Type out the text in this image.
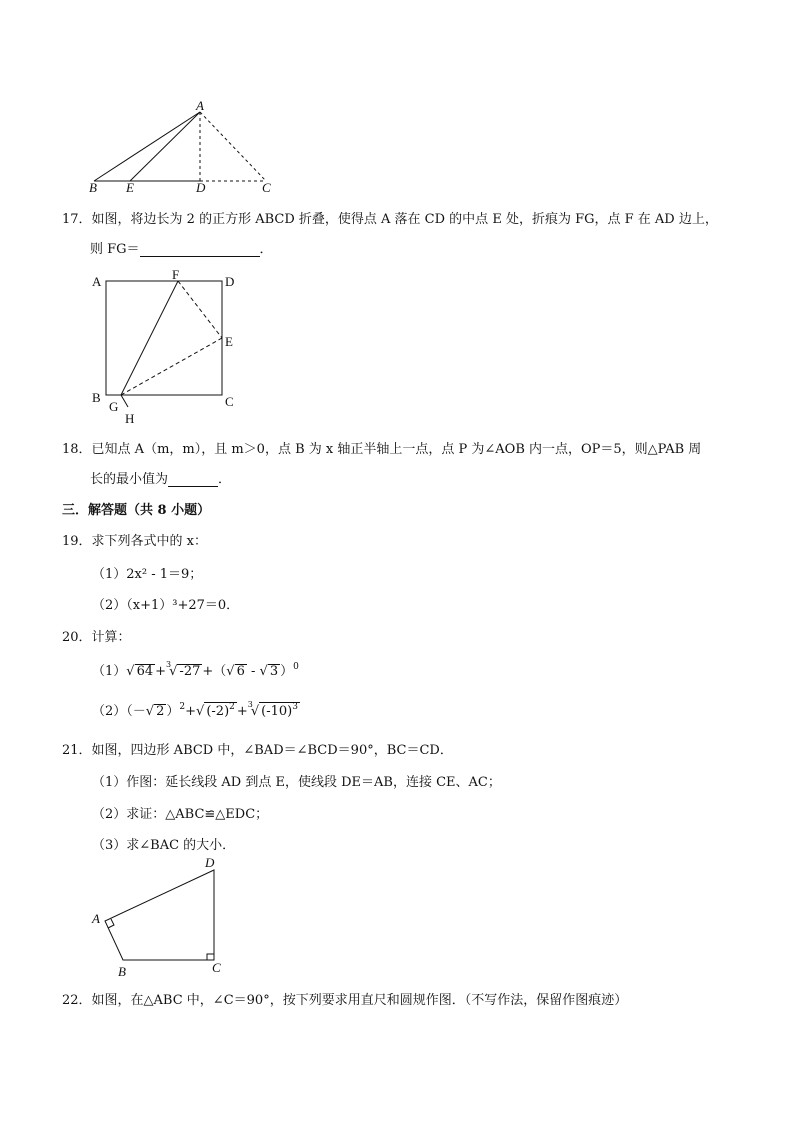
A
B E	D	C
17．如图，将边长为 2 的正方形 ABCD 折叠，使得点 A 落在 CD 的中点 E 处，折痕为 FG，点 F 在 AD 边上，
则 FG＝	．
A	F	D
E
B
G
H
C
18．已知点 A（m，m），且 m＞0，点 B 为 x 轴正半轴上一点，点 P 为∠AOB 内一点，OP＝5，则△PAB 周
长的最小值为	．
三．解答题（共 8 小题）
19．求下列各式中的 x：
（1）2x² - 1＝9；
（2）（x+1）³+27＝0．
20．计算：
（1）√ 64 +$^3$√ -27 +（√ 6 - √ 3 ）$^0$
（2）（－√ 2 ）$^2$+√ $(-2)^2 +^3√$ $(-10)^3$
21．如图，四边形 ABCD 中，∠BAD＝∠BCD＝90°，BC＝CD．
（1）作图：延长线段 AD 到点 E，使线段 DE＝AB，连接 CE、AC；
（2）求证：△ABC≌△EDC；
（3）求∠BAC 的大小．
D
A
B	C
22．如图，在△ABC 中，∠C＝90°，按下列要求用直尺和圆规作图．（不写作法，保留作图痕迹）
